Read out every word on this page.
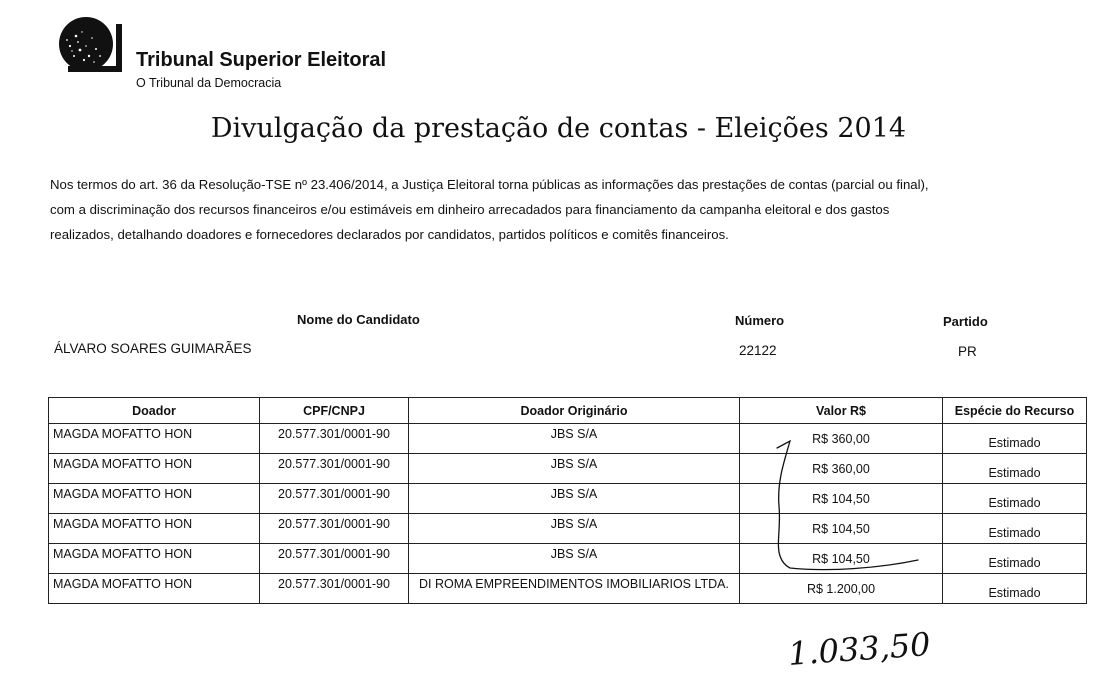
Tribunal Superior Eleitoral
O Tribunal da Democracia
Divulgação da prestação de contas - Eleições 2014
Nos termos do art. 36 da Resolução-TSE nº 23.406/2014, a Justiça Eleitoral torna públicas as informações das prestações de contas (parcial ou final),
com a discriminação dos recursos financeiros e/ou estimáveis em dinheiro arrecadados para financiamento da campanha eleitoral e dos gastos
realizados, detalhando doadores e fornecedores declarados por candidatos, partidos políticos e comitês financeiros.
Nome do Candidato	Número	Partido
ÁLVARO SOARES GUIMARÃES	22122	PR
Doador	CPF/CNPJ	Doador Originário	Valor R$	Espécie do Recurso
MAGDA MOFATTO HON	20.577.301/0001-90	JBS S/A	R$ 360,00	Estimado
MAGDA MOFATTO HON	20.577.301/0001-90	JBS S/A	R$ 360,00	Estimado
MAGDA MOFATTO HON	20.577.301/0001-90	JBS S/A	R$ 104,50	Estimado
MAGDA MOFATTO HON	20.577.301/0001-90	JBS S/A	R$ 104,50	Estimado
MAGDA MOFATTO HON	20.577.301/0001-90	JBS S/A	R$ 104,50	Estimado
MAGDA MOFATTO HON	20.577.301/0001-90	DI ROMA EMPREENDIMENTOS IMOBILIARIOS LTDA.	R$ 1.200,00	Estimado
1.033,50
